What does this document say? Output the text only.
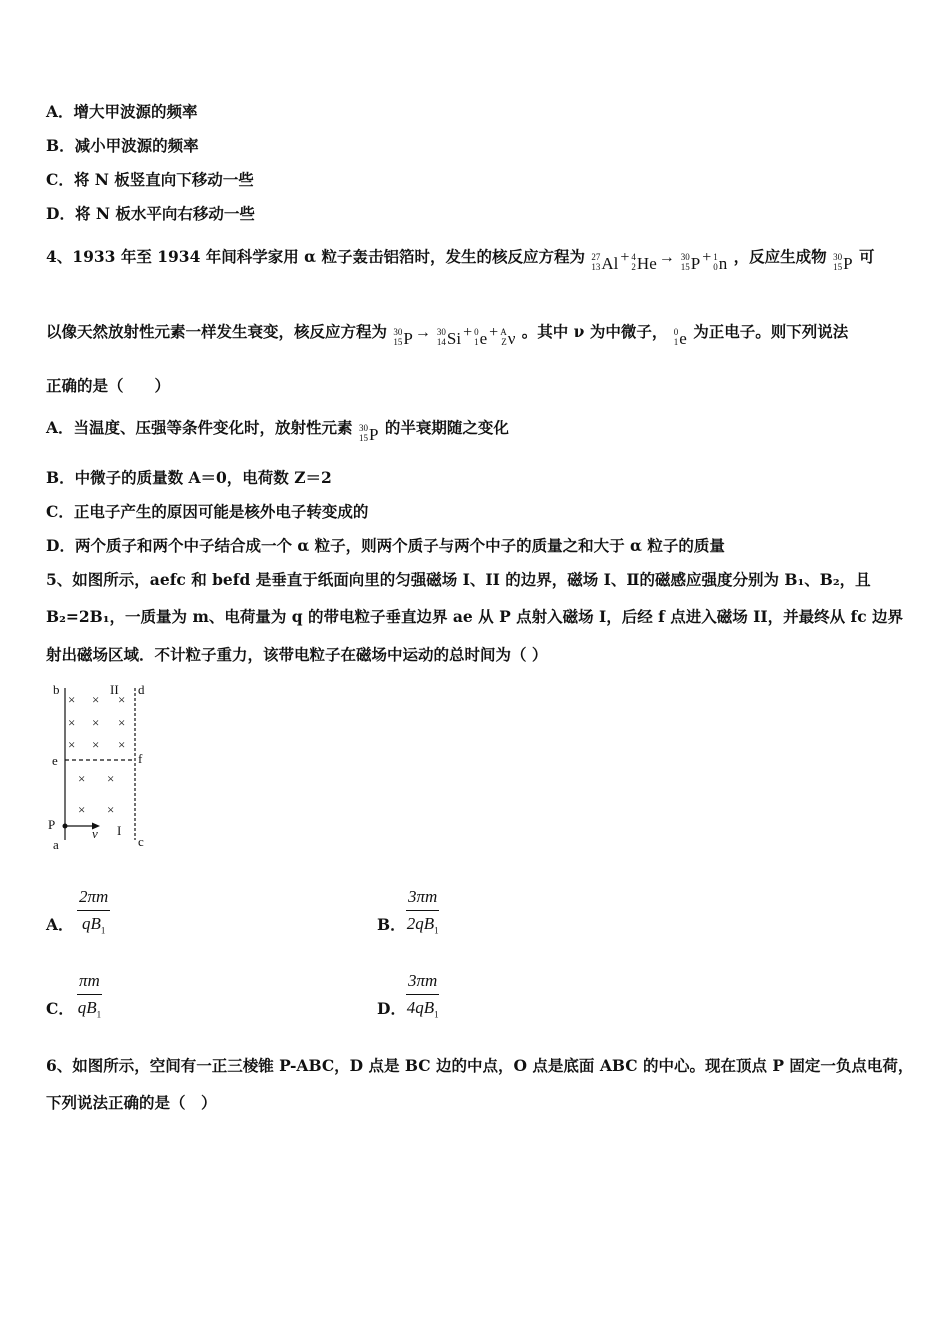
A．增大甲波源的频率
B．减小甲波源的频率
C．将 N 板竖直向下移动一些
D．将 N 板水平向右移动一些
4、1933 年至 1934 年间科学家用 α 粒子轰击铝箔时，发生的核反应方程为 27
13 Al + 4
2 He → 30
15 P + 1
0 n ，反应生成物 30
15 P 可
以像天然放射性元素一样发生衰变，核反应方程为 30
15 P → 30
14 Si + 0
1 e + A
Z ν 。其中 ν 为中微子， 0
1 e 为正电子。则下列说法
正确的是（　　）
A．当温度、压强等条件变化时，放射性元素 30
15 P 的半衰期随之变化
B．中微子的质量数 A＝0，电荷数 Z＝2
C．正电子产生的原因可能是核外电子转变成的
D．两个质子和两个中子结合成一个 α 粒子，则两个质子与两个中子的质量之和大于 α 粒子的质量
5、如图所示，aefc 和 befd 是垂直于纸面向里的匀强磁场 I、II 的边界，磁场 I、Ⅱ的磁感应强度分别为 B₁、B₂，且
B₂=2B₁，一质量为 m、电荷量为 q 的带电粒子垂直边界 ae 从 P 点射入磁场 I，后经 f 点进入磁场 II，并最终从 fc 边界
射出磁场区域．不计粒子重力，该带电粒子在磁场中运动的总时间为（ ）
× × ×
× × ×
× × ×
× ×
× ×
b	II d
e	f
P
v I
a	c
A． $\frac{2\pi m}{qB_1}$	B． $\frac{3\pi m}{2qB_1}$
C． $\frac{\pi m}{qB_1}$	D． $\frac{3\pi m}{4qB_1}$
6、如图所示，空间有一正三棱锥 P-ABC，D 点是 BC 边的中点，O 点是底面 ABC 的中心。现在顶点 P 固定一负点电荷，
下列说法正确的是（　）
